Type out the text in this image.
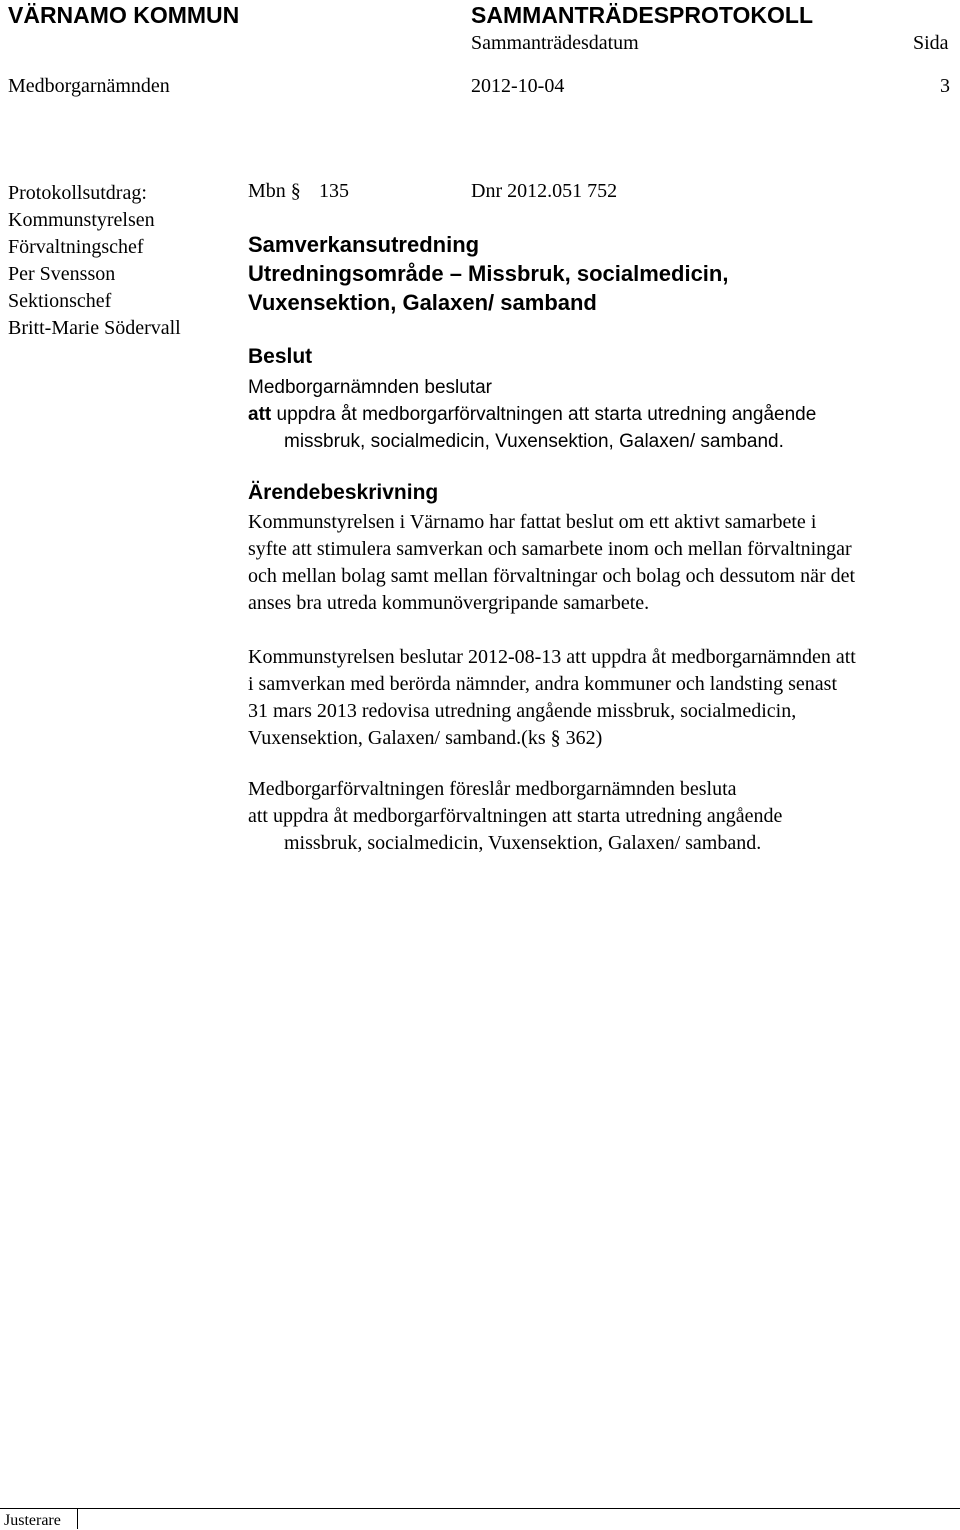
VÄRNAMO KOMMUN	SAMMANTRÄDESPROTOKOLL
Sammanträdesdatum	Sida
Medborgarnämnden	2012-10-04	3
Protokollsutdrag:
Kommunstyrelsen
Förvaltningschef
Per Svensson
Sektionschef
Britt-Marie Södervall
Mbn § 135	Dnr 2012.051 752
Samverkansutredning
Utredningsområde – Missbruk, socialmedicin,
Vuxensektion, Galaxen/ samband
Beslut
Medborgarnämnden beslutar
att uppdra åt medborgarförvaltningen att starta utredning angående
missbruk, socialmedicin, Vuxensektion, Galaxen/ samband.
Ärendebeskrivning
Kommunstyrelsen i Värnamo har fattat beslut om ett aktivt samarbete i
syfte att stimulera samverkan och samarbete inom och mellan förvaltningar
och mellan bolag samt mellan förvaltningar och bolag och dessutom när det
anses bra utreda kommunövergripande samarbete.
Kommunstyrelsen beslutar 2012-08-13 att uppdra åt medborgarnämnden att
i samverkan med berörda nämnder, andra kommuner och landsting senast
31 mars 2013 redovisa utredning angående missbruk, socialmedicin,
Vuxensektion, Galaxen/ samband.(ks § 362)
Medborgarförvaltningen föreslår medborgarnämnden besluta
att uppdra åt medborgarförvaltningen att starta utredning angående
missbruk, socialmedicin, Vuxensektion, Galaxen/ samband.
Justerare
